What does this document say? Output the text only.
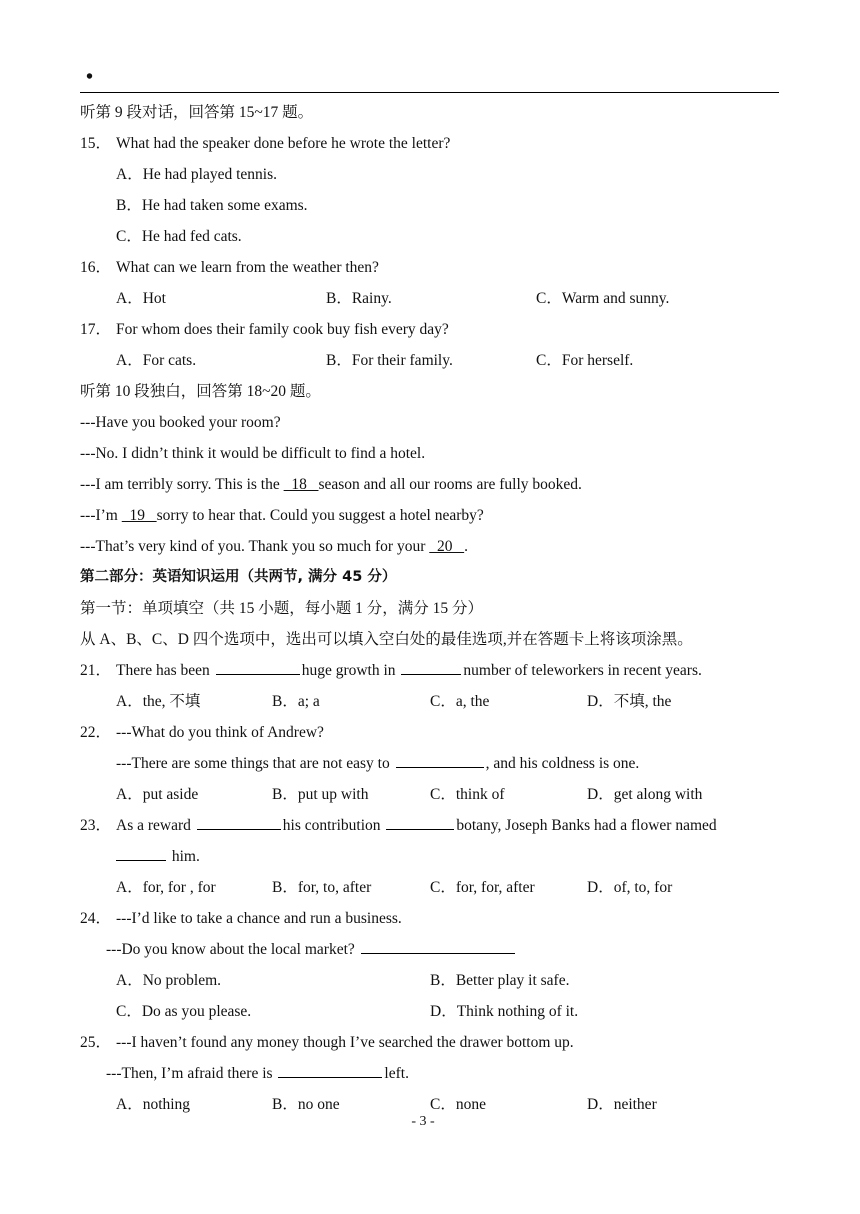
•
听第 9 段对话，回答第 15~17 题。
15． What had the speaker done before he wrote the letter?
A．He had played tennis.
B．He had taken some exams.
C．He had fed cats.
16． What can we learn from the weather then?
A．Hot	B．Rainy.	C．Warm and sunny.
17． For whom does their family cook buy fish every day?
A．For cats.	B．For their family.	C．For herself.
听第 10 段独白，回答第 18~20 题。
---Have you booked your room?
---No. I didn’t think it would be difficult to find a hotel.
---I am terribly sorry. This is the   18   season and all our rooms are fully booked.
---I’m   19   sorry to hear that. Could you suggest a hotel nearby?
---That’s very kind of you. Thank you so much for your   20   .
第二部分：英语知识运用（共两节, 满分 45 分）
第一节：单项填空（共 15 小题，每小题 1 分，满分 15 分）
从 A、B、C、D 四个选项中，选出可以填入空白处的最佳选项,并在答题卡上将该项涂黑。
21． There has been	huge growth in	number of teleworkers in recent years.
A．the, 不填	B．a; a	C．a, the	D．不填, the
22． ---What do you think of Andrew?
---There are some things that are not easy to	, and his coldness is one.
A．put aside	B．put up with	C．think of	D．get along with
23． As a reward	his contribution	botany, Joseph Banks had a flower named
him.
A．for, for , for	B．for, to, after	C．for, for, after	D．of, to, for
24． ---I’d like to take a chance and run a business.
---Do you know about the local market?
A．No problem.	B．Better play it safe.
C．Do as you please.	D．Think nothing of it.
25． ---I haven’t found any money though I’ve searched the drawer bottom up.
---Then, I’m afraid there is	left.
A．nothing	B．no one	C．none	D．neither
- 3 -
